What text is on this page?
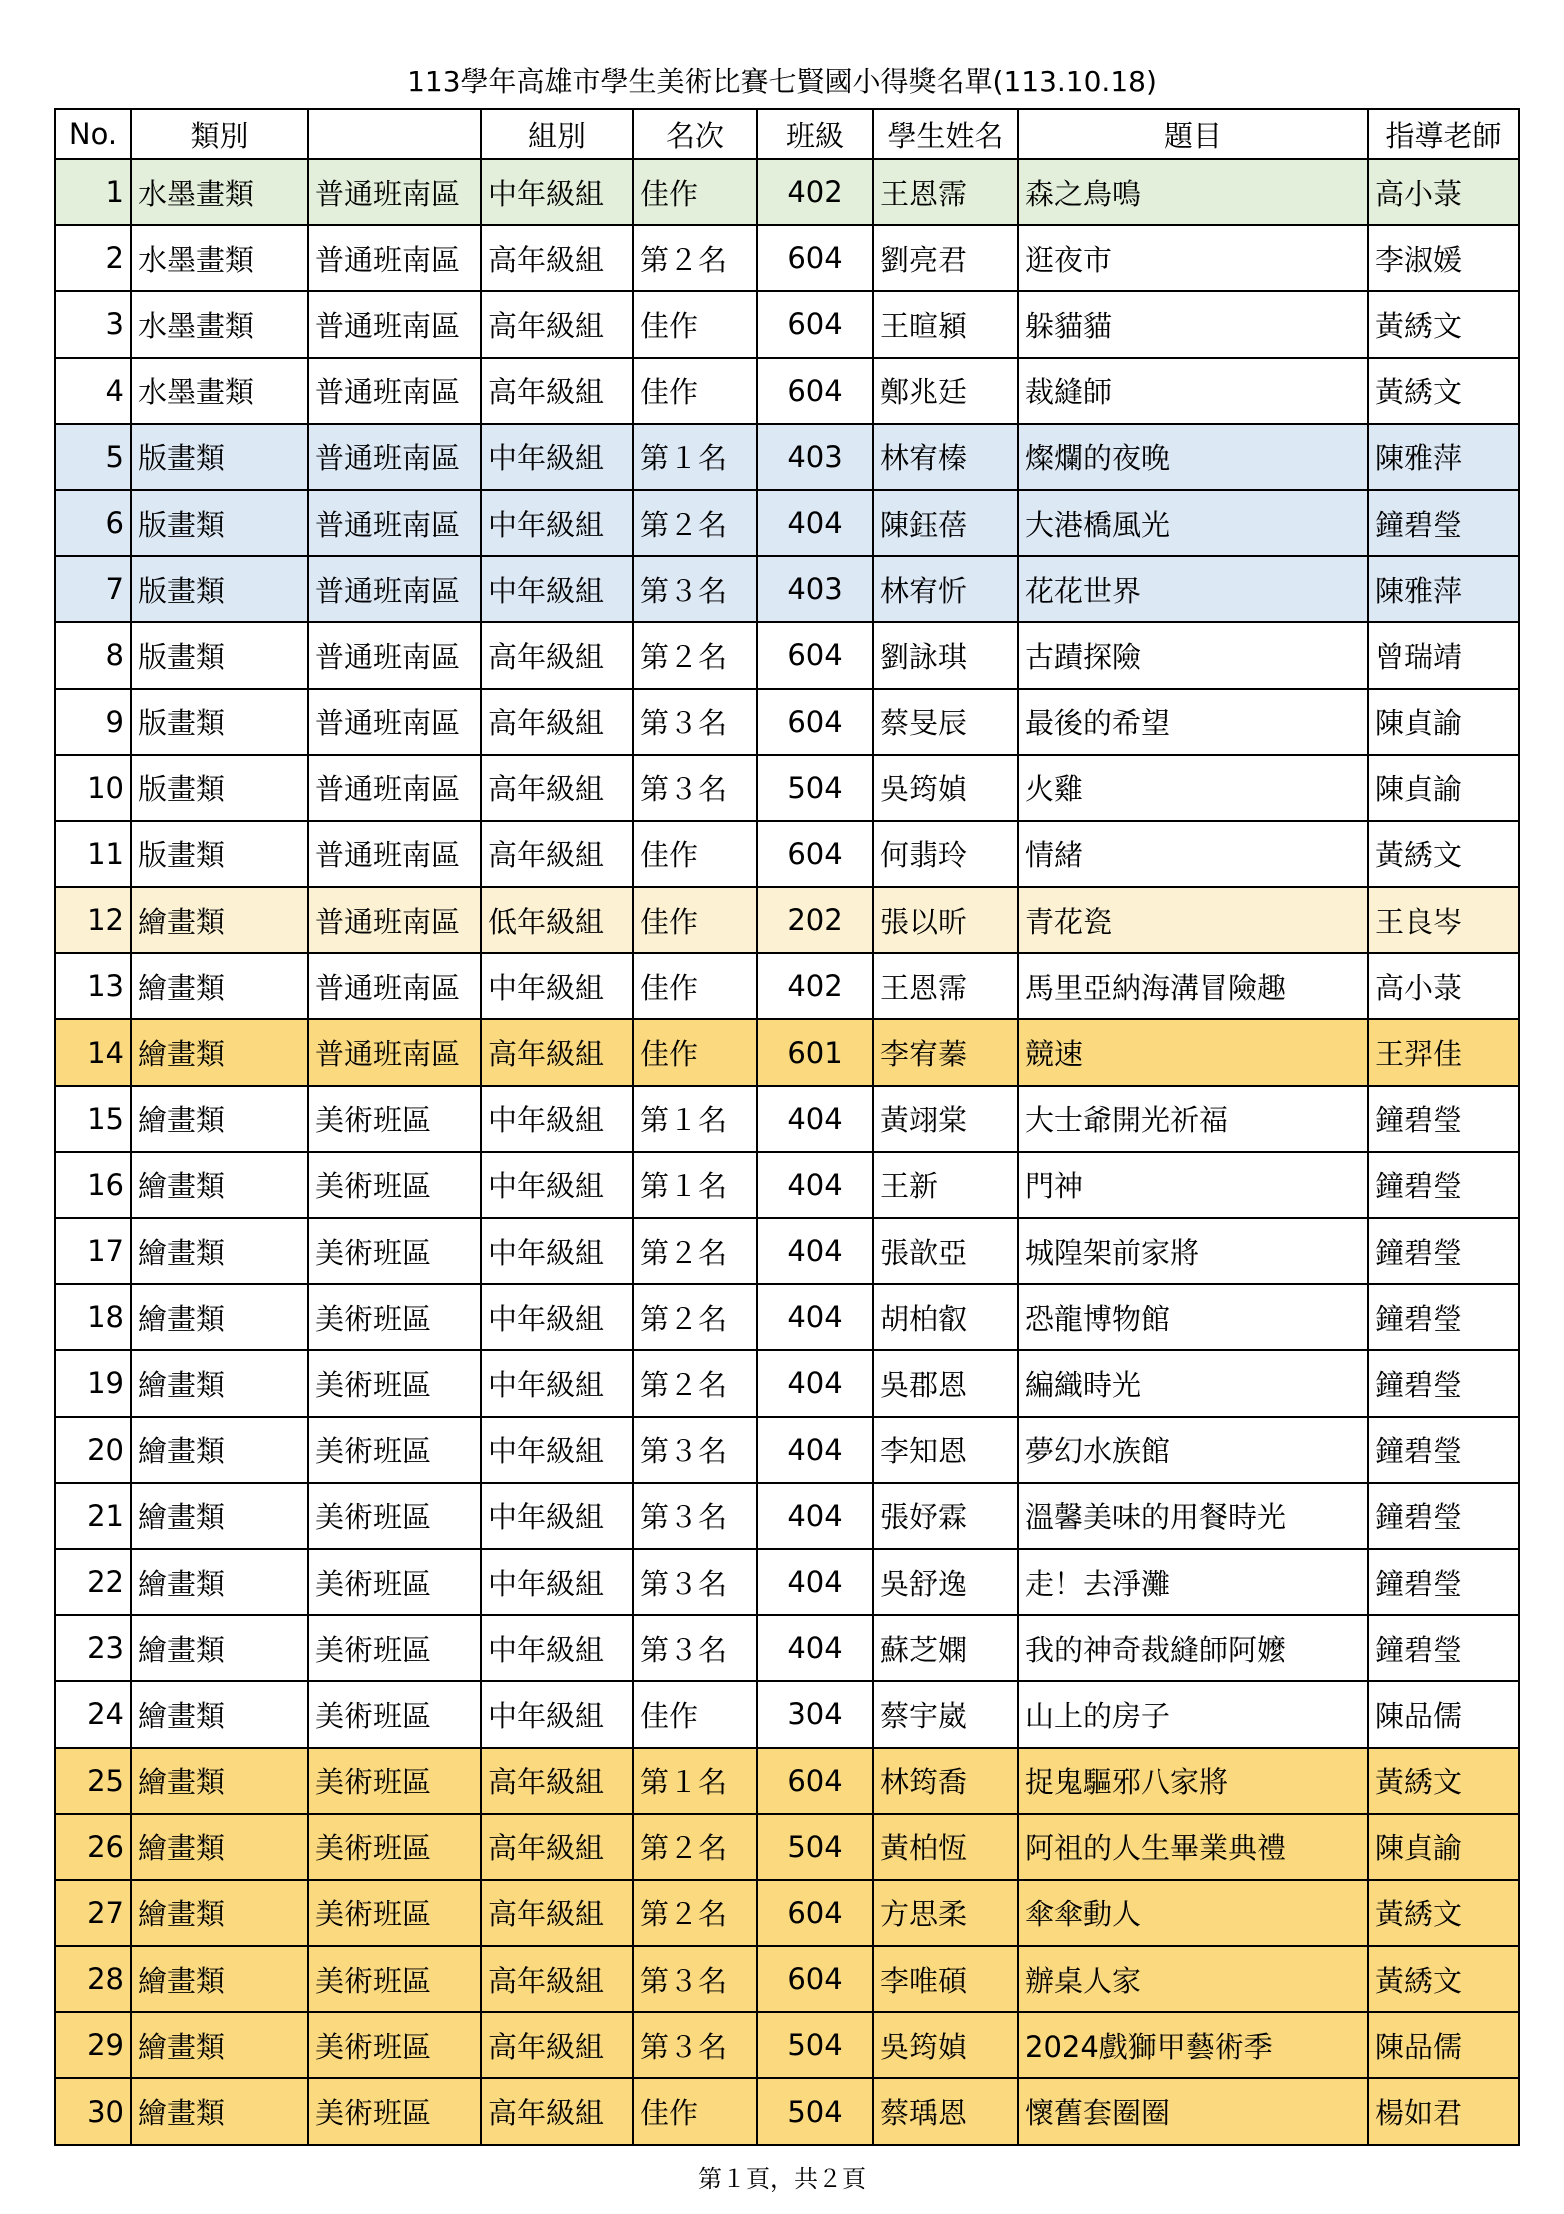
113學年高雄市學生美術比賽七賢國小得獎名單(113.10.18)
No.	類別		組別	名次	班級	學生姓名	題目	指導老師
1	水墨畫類	普通班南區	中年級組	佳作	402	王恩霈	森之鳥鳴	高小菉
2	水墨畫類	普通班南區	高年級組	第２名	604	劉亮君	逛夜市	李淑媛
3	水墨畫類	普通班南區	高年級組	佳作	604	王暄潁	躲貓貓	黃綉文
4	水墨畫類	普通班南區	高年級組	佳作	604	鄭兆廷	裁縫師	黃綉文
5	版畫類	普通班南區	中年級組	第１名	403	林宥榛	燦爛的夜晚	陳雅萍
6	版畫類	普通班南區	中年級組	第２名	404	陳鈺蓓	大港橋風光	鐘碧瑩
7	版畫類	普通班南區	中年級組	第３名	403	林宥忻	花花世界	陳雅萍
8	版畫類	普通班南區	高年級組	第２名	604	劉詠琪	古蹟探險	曾瑞靖
9	版畫類	普通班南區	高年級組	第３名	604	蔡旻辰	最後的希望	陳貞諭
10	版畫類	普通班南區	高年級組	第３名	504	吳筠媜	火雞	陳貞諭
11	版畫類	普通班南區	高年級組	佳作	604	何翡玲	情緒	黃綉文
12	繪畫類	普通班南區	低年級組	佳作	202	張以昕	青花瓷	王良岑
13	繪畫類	普通班南區	中年級組	佳作	402	王恩霈	馬里亞納海溝冒險趣	高小菉
14	繪畫類	普通班南區	高年級組	佳作	601	李宥蓁	競速	王羿佳
15	繪畫類	美術班區	中年級組	第１名	404	黃翊棠	大士爺開光祈福	鐘碧瑩
16	繪畫類	美術班區	中年級組	第１名	404	王新	門神	鐘碧瑩
17	繪畫類	美術班區	中年級組	第２名	404	張歆亞	城隍架前家將	鐘碧瑩
18	繪畫類	美術班區	中年級組	第２名	404	胡柏叡	恐龍博物館	鐘碧瑩
19	繪畫類	美術班區	中年級組	第２名	404	吳郡恩	編織時光	鐘碧瑩
20	繪畫類	美術班區	中年級組	第３名	404	李知恩	夢幻水族館	鐘碧瑩
21	繪畫類	美術班區	中年級組	第３名	404	張妤霖	溫馨美味的用餐時光	鐘碧瑩
22	繪畫類	美術班區	中年級組	第３名	404	吳舒逸	走！去淨灘	鐘碧瑩
23	繪畫類	美術班區	中年級組	第３名	404	蘇芝嫻	我的神奇裁縫師阿嬤	鐘碧瑩
24	繪畫類	美術班區	中年級組	佳作	304	蔡宇崴	山上的房子	陳品儒
25	繪畫類	美術班區	高年級組	第１名	604	林筠喬	捉鬼驅邪八家將	黃綉文
26	繪畫類	美術班區	高年級組	第２名	504	黃柏恆	阿祖的人生畢業典禮	陳貞諭
27	繪畫類	美術班區	高年級組	第２名	604	方思柔	傘傘動人	黃綉文
28	繪畫類	美術班區	高年級組	第３名	604	李唯碩	辦桌人家	黃綉文
29	繪畫類	美術班區	高年級組	第３名	504	吳筠媜	2024戲獅甲藝術季	陳品儒
30	繪畫類	美術班區	高年級組	佳作	504	蔡瑀恩	懷舊套圈圈	楊如君
第１頁，共２頁
